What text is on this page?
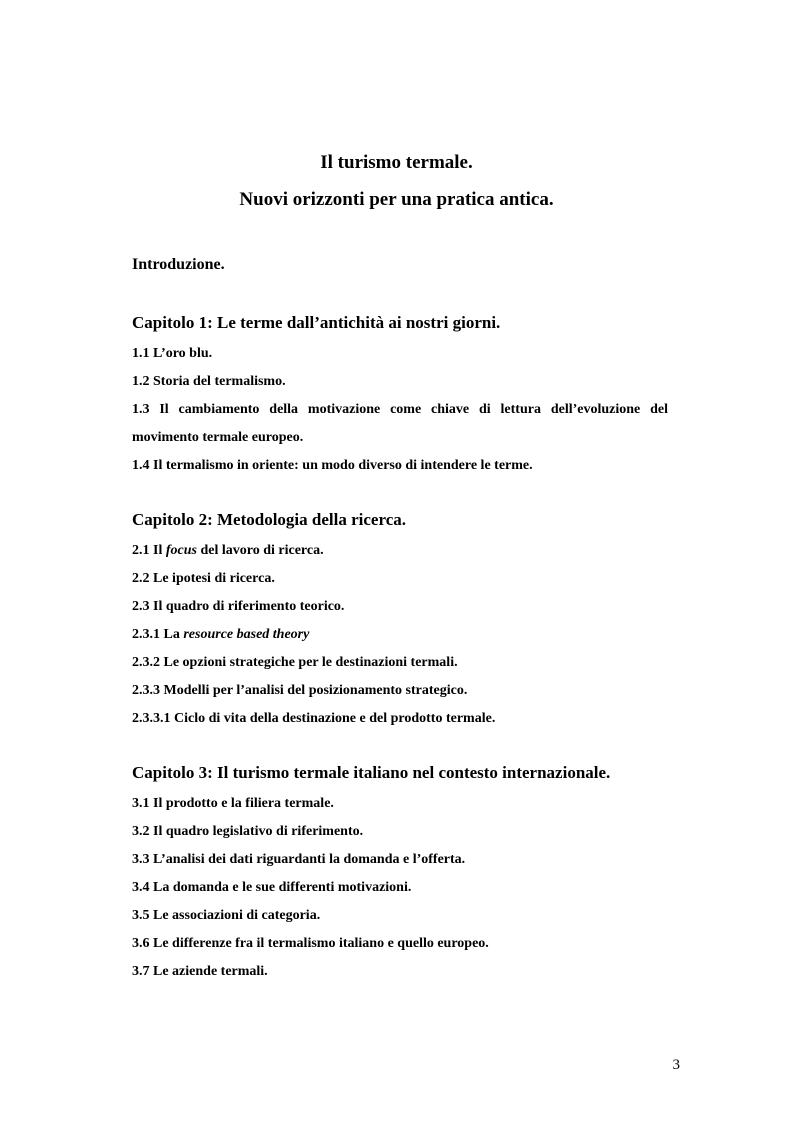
Il turismo termale.
Nuovi orizzonti per una pratica antica.

Introduzione.

Capitolo 1: Le terme dall’antichità ai nostri giorni.
1.1 L’oro blu.
1.2 Storia del termalismo.
1.3 Il cambiamento della motivazione come chiave di lettura dell’evoluzione del movimento termale europeo.
1.4 Il termalismo in oriente: un modo diverso di intendere le terme.
Capitolo 2: Metodologia della ricerca.
2.1 Il focus del lavoro di ricerca.
2.2 Le ipotesi di ricerca.
2.3 Il quadro di riferimento teorico.
2.3.1 La resource based theory
2.3.2 Le opzioni strategiche per le destinazioni termali.
2.3.3 Modelli per l’analisi del posizionamento strategico.
2.3.3.1 Ciclo di vita della destinazione e del prodotto termale.
Capitolo 3: Il turismo termale italiano nel contesto internazionale.
3.1 Il prodotto e la filiera termale.
3.2 Il quadro legislativo di riferimento.
3.3 L’analisi dei dati riguardanti la domanda e l’offerta.
3.4 La domanda e le sue differenti motivazioni.
3.5 Le associazioni di categoria.
3.6 Le differenze fra il termalismo italiano e quello europeo.
3.7 Le aziende termali.
3
